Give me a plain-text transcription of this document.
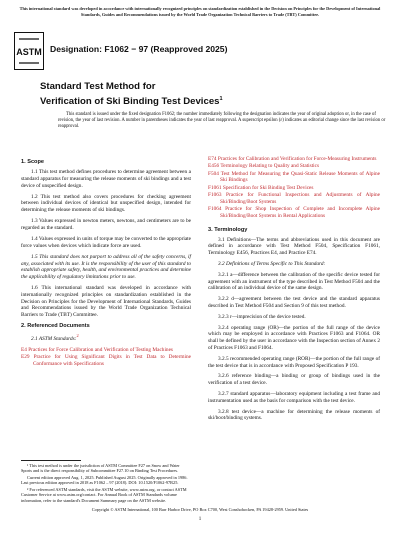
This international standard was developed in accordance with internationally recognized principles on standardization established in the Decision on Principles for the Development of International Standards, Guides and Recommendations issued by the World Trade Organization Technical Barriers to Trade (TBT) Committee.
ASTM Designation: F1062 − 97 (Reapproved 2025)
Standard Test Method for
Verification of Ski Binding Test Devices$^1$
This standard is issued under the fixed designation F1062; the number immediately following the designation indicates the year of original adoption or, in the case of revision, the year of last revision. A number in parentheses indicates the year of last reapproval. A superscript epsilon (ε) indicates an editorial change since the last revision or reapproval.

1. Scope

1.1 This test method defines procedures to determine agreement between a standard apparatus for measuring the release moments of ski bindings and a test device of unspecified design.

1.2 This test method also covers procedures for checking agreement between individual devices of identical but unspecified design, intended for determining the release moments of ski bindings.

1.3 Values expressed in newton meters, newtons, and centimeters are to be regarded as the standard.

1.4 Values expressed in units of torque may be converted to the appropriate force values when devices which indicate force are used.

1.5 This standard does not purport to address all of the safety concerns, if any, associated with its use. It is the responsibility of the user of this standard to establish appropriate safety, health, and environmental practices and determine the applicability of regulatory limitations prior to use.

1.6 This international standard was developed in accordance with internationally recognized principles on standardization established in the Decision on Principles for the Development of International Standards, Guides and Recommendations issued by the World Trade Organization Technical Barriers to Trade (TBT) Committee.

2. Referenced Documents

2.1 ASTM Standards:$^2$

E4 Practices for Force Calibration and Verification of Testing Machines

E29 Practice for Using Significant Digits in Test Data to Determine Conformance with Specifications

E74 Practices for Calibration and Verification for Force-Measuring Instruments

E456 Terminology Relating to Quality and Statistics

F504 Test Method for Measuring the Quasi-Static Release Moments of Alpine Ski Bindings

F1061 Specification for Ski Binding Test Devices

F1063 Practice for Functional Inspections and Adjustments of Alpine Ski/Binding/Boot Systems

F1064 Practice for Shop Inspection of Complete and Incomplete Alpine Ski/Binding/Boot Systems in Rental Applications

3. Terminology

3.1 Definitions—The terms and abbreviations used in this document are defined in accordance with Test Method F504, Specification F1061, Terminology E456, Practices E4, and Practice E74.

3.2 Definitions of Terms Specific to This Standard:

3.2.1 a—difference between the calibration of the specific device tested for agreement with an instrument of the type described in Test Method F504 and the calibration of an individual device of the same design.

3.2.2 d—agreement between the test device and the standard apparatus described in Test Method F504 and Section 9 of this test method.

3.2.3 r—imprecision of the device tested.

3.2.4 operating range (OR)—the portion of the full range of the device which may be employed in accordance with Practices F1063 and F1064. OR shall be defined by the user in accordance with the Inspection section of Annex 2 of Practices F1063 and F1064.

3.2.5 recommended operating range (ROR)—the portion of the full range of the test device that is in accordance with Proposed Specification P 193.

3.2.6 reference binding—a binding or group of bindings used in the verification of a test device.

3.2.7 standard apparatus—laboratory equipment including a test frame and instrumentation used as the basis for comparison with the test device.

3.2.8 test device—a machine for determining the release moments of ski/boot/binding systems.

¹ This test method is under the jurisdiction of ASTM Committee F27 on Snow and Water Sports and is the direct responsibility of Subcommittee F27.10 on Binding Test Procedures.

Current edition approved Aug. 1, 2025. Published August 2025. Originally approved in 1986. Last previous edition approved in 2018 as F1062 – 97 (2018). DOI: 10.1520/F1062-97R25.

² For referenced ASTM standards, visit the ASTM website, www.astm.org, or contact ASTM Customer Service at www.astm.org/contact. For Annual Book of ASTM Standards volume information, refer to the standard's Document Summary page on the ASTM website.

Copyright © ASTM International, 100 Barr Harbor Drive, PO Box C700, West Conshohocken, PA 19428-2959. United States
1
